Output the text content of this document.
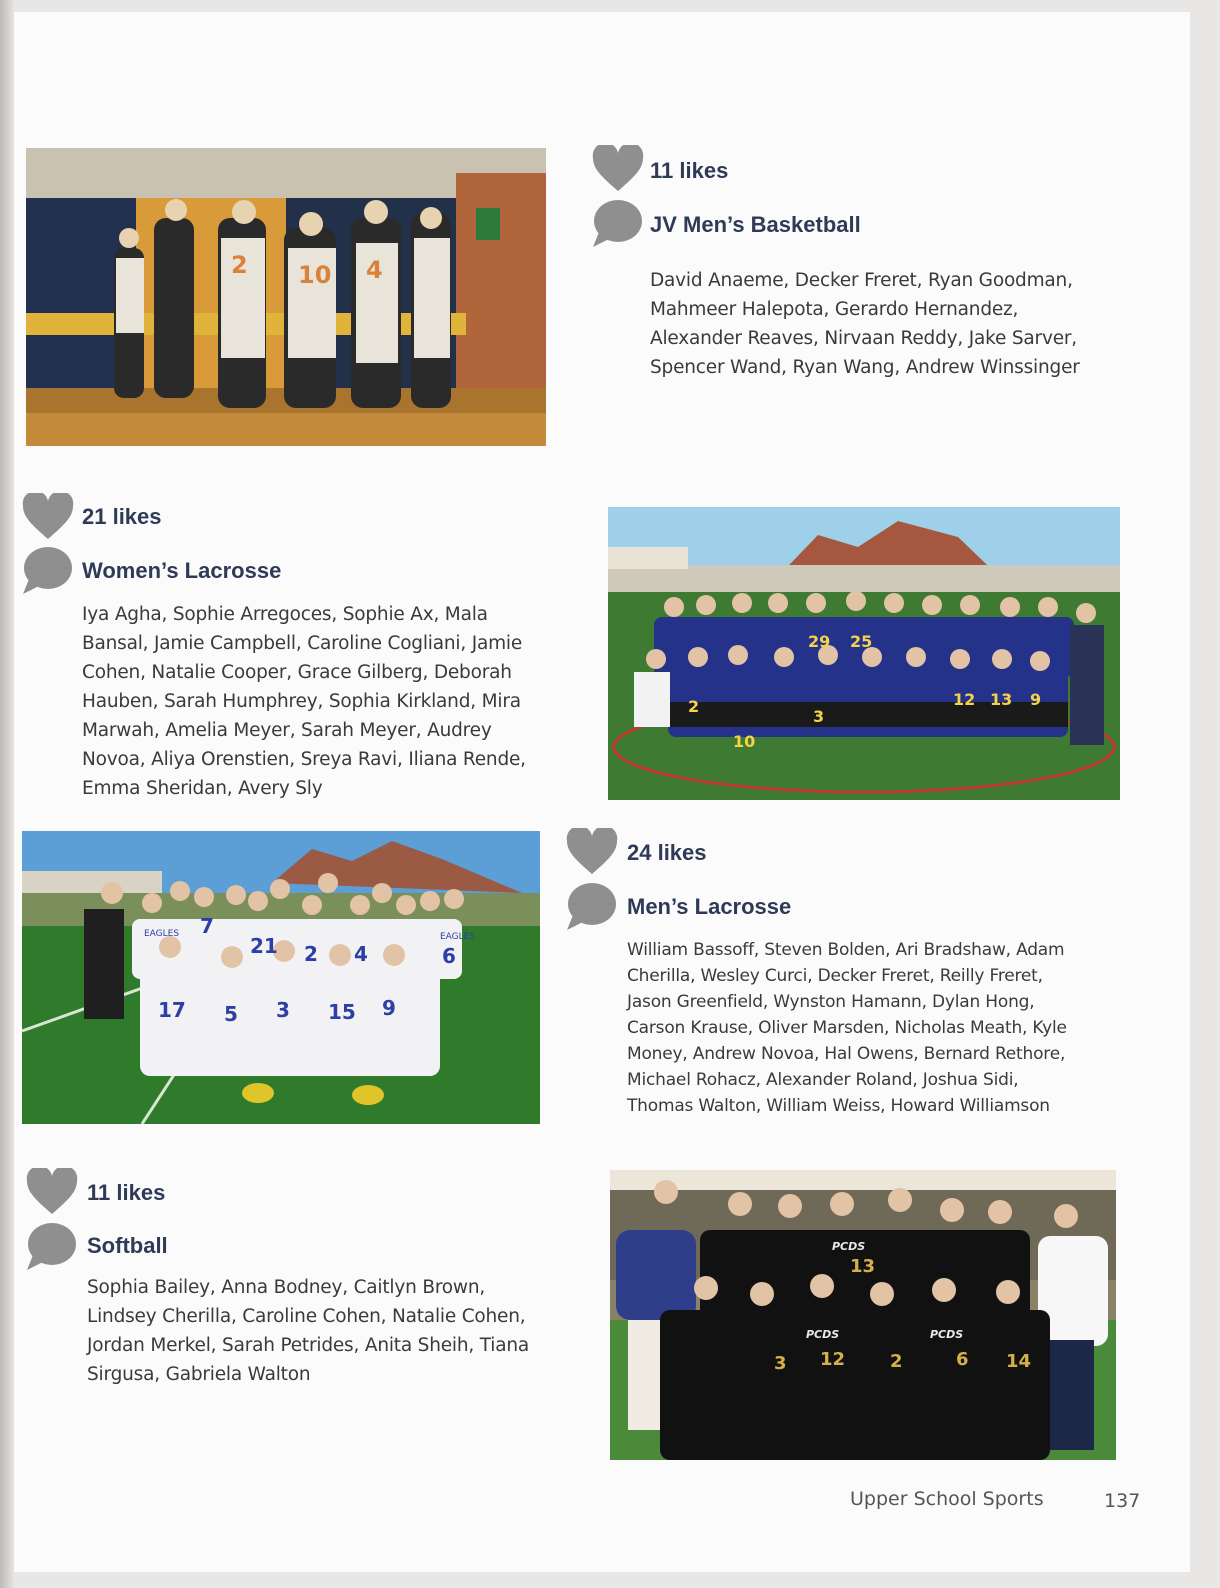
2 10 4
11 likes
JV Men’s Basketball
David Anaeme, Decker Freret, Ryan Goodman,
Mahmeer Halepota, Gerardo Hernandez,
Alexander Reaves, Nirvaan Reddy, Jake Sarver,
Spencer Wand, Ryan Wang, Andrew Winssinger
21 likes
Women’s Lacrosse
Iya Agha, Sophie Arregoces, Sophie Ax, Mala
Bansal, Jamie Campbell, Caroline Cogliani, Jamie
Cohen, Natalie Cooper, Grace Gilberg, Deborah
Hauben, Sarah Humphrey, Sophia Kirkland, Mira
Marwah, Amelia Meyer, Sarah Meyer, Audrey
Novoa, Aliya Orenstien, Sreya Ravi, Iliana Rende,
Emma Sheridan, Avery Sly
2
3
10
12 13 9
25
29
17 5 3 15 9
7
21 2 4	6
EAGLES	EAGLES
24 likes
Men’s Lacrosse
William Bassoff, Steven Bolden, Ari Bradshaw, Adam
Cherilla, Wesley Curci, Decker Freret, Reilly Freret,
Jason Greenfield, Wynston Hamann, Dylan Hong,
Carson Krause, Oliver Marsden, Nicholas Meath, Kyle
Money, Andrew Novoa, Hal Owens, Bernard Rethore,
Michael Rohacz, Alexander Roland, Joshua Sidi,
Thomas Walton, William Weiss, Howard Williamson
11 likes
Softball
Sophia Bailey, Anna Bodney, Caitlyn Brown,
Lindsey Cherilla, Caroline Cohen, Natalie Cohen,
Jordan Merkel, Sarah Petrides, Anita Sheih, Tiana
Sirgusa, Gabriela Walton
12 2	6 14
3
13
PCDS	PCDS
PCDS
Upper School Sports	137
